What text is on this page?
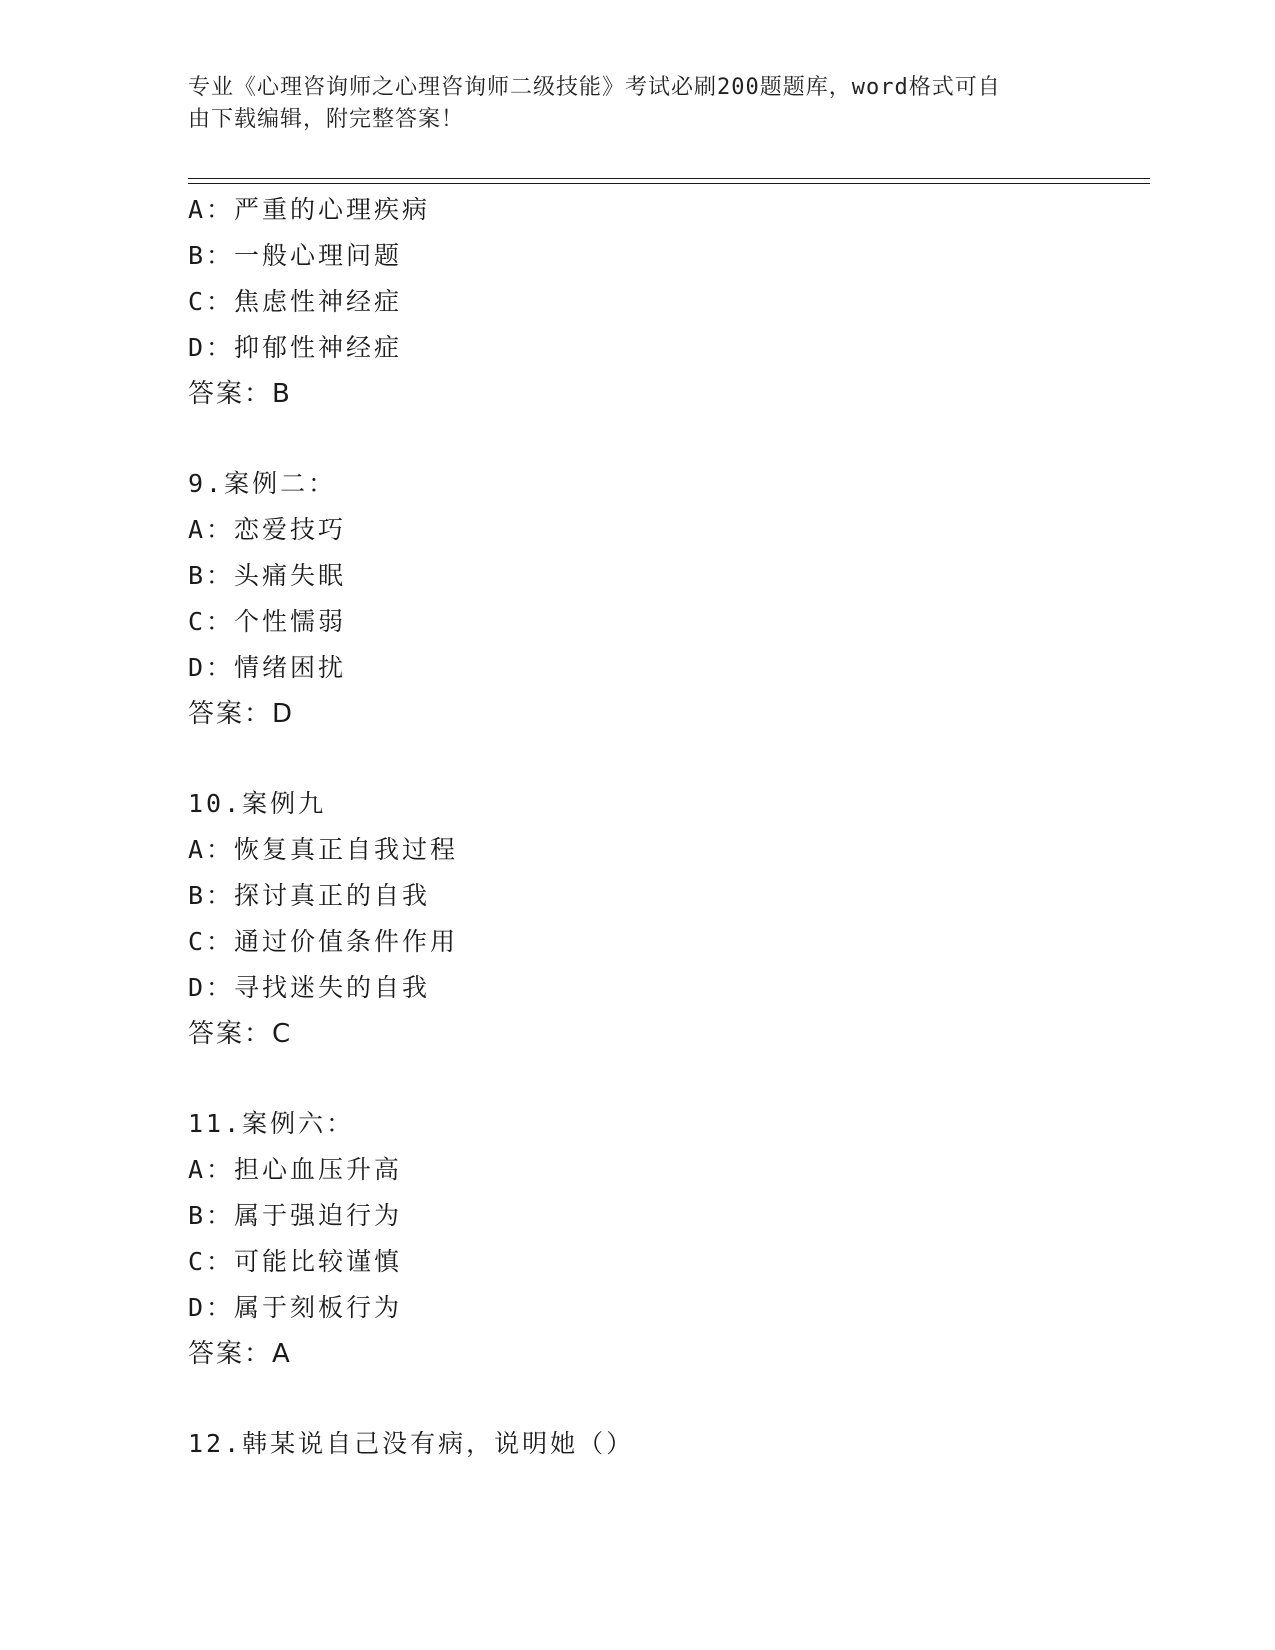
专业《心理咨询师之心理咨询师二级技能》考试必刷200题题库，word格式可自
由下载编辑，附完整答案！
A：严重的心理疾病
B：一般心理问题
C：焦虑性神经症
D：抑郁性神经症
答案：B
9.案例二：
A：恋爱技巧
B：头痛失眠
C：个性懦弱
D：情绪困扰
答案：D
10.案例九
A：恢复真正自我过程
B：探讨真正的自我
C：通过价值条件作用
D：寻找迷失的自我
答案：C
11.案例六：
A：担心血压升高
B：属于强迫行为
C：可能比较谨慎
D：属于刻板行为
答案：A
12.韩某说自己没有病，说明她（）
